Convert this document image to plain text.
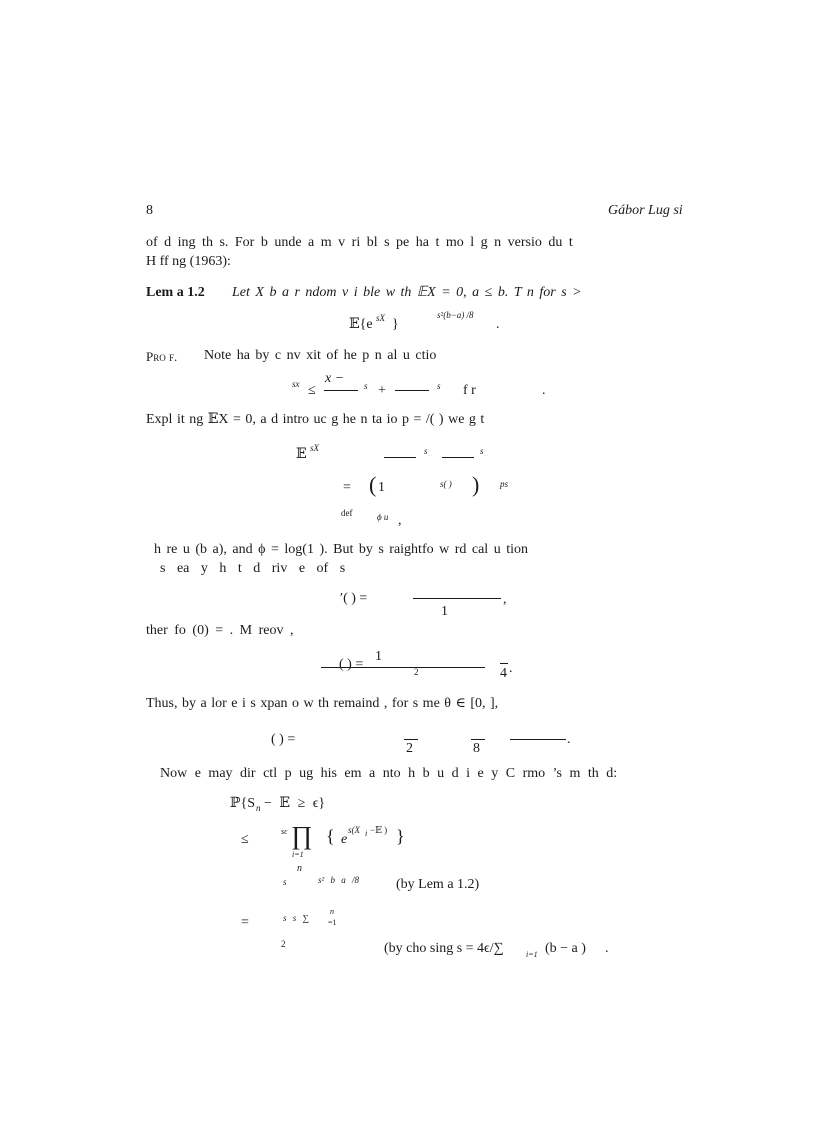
8	Gábor Lug si
of d ing th s. For b unde a m v ri bl s pe ha t mo l g n versio du t
H ff ng (1963):
Lem a 1.2 Let X b a r ndom v i ble w th 𝔼X = 0, a ≤ b. T n for s >
𝔼{e sX }
s²(b−a) /8
.
Pro f. Note ha by c nv xit of he p n al u ctio
sx ≤
x − s +	s f r	.
Expl it ng 𝔼X = 0, a d intro uc g he n ta io p = /( ) we g t
𝔼 sX	s	s
= ( 1	s( ) ) ps
def	ϕ u ,
h re u (b a), and ϕ = log(1 ). But by s raightfo w rd cal u tion
s ea y h t d riv e of s
′( ) =
1
,
ther fo (0) = . M reov ,
( ) =
1
2	4 .
Thus, by a lor e i s xpan o w th remaind , for s me θ ∈ [0, ],
( ) =
2	8
.
Now e may dir ctl p ug his em a nto h b u d i e y C rmo ’s m th d:
ℙ{S n − 𝔼 ≥ ϵ}
≤
sϵ ∏
i=1
{ e
s(X i −𝔼 ) }
n
s	s² b a /8	(by Lem a 1.2)
=	s s ∑
n
=1
2	(by cho sing s = 4ϵ/∑	i=1 (b − a ) .
